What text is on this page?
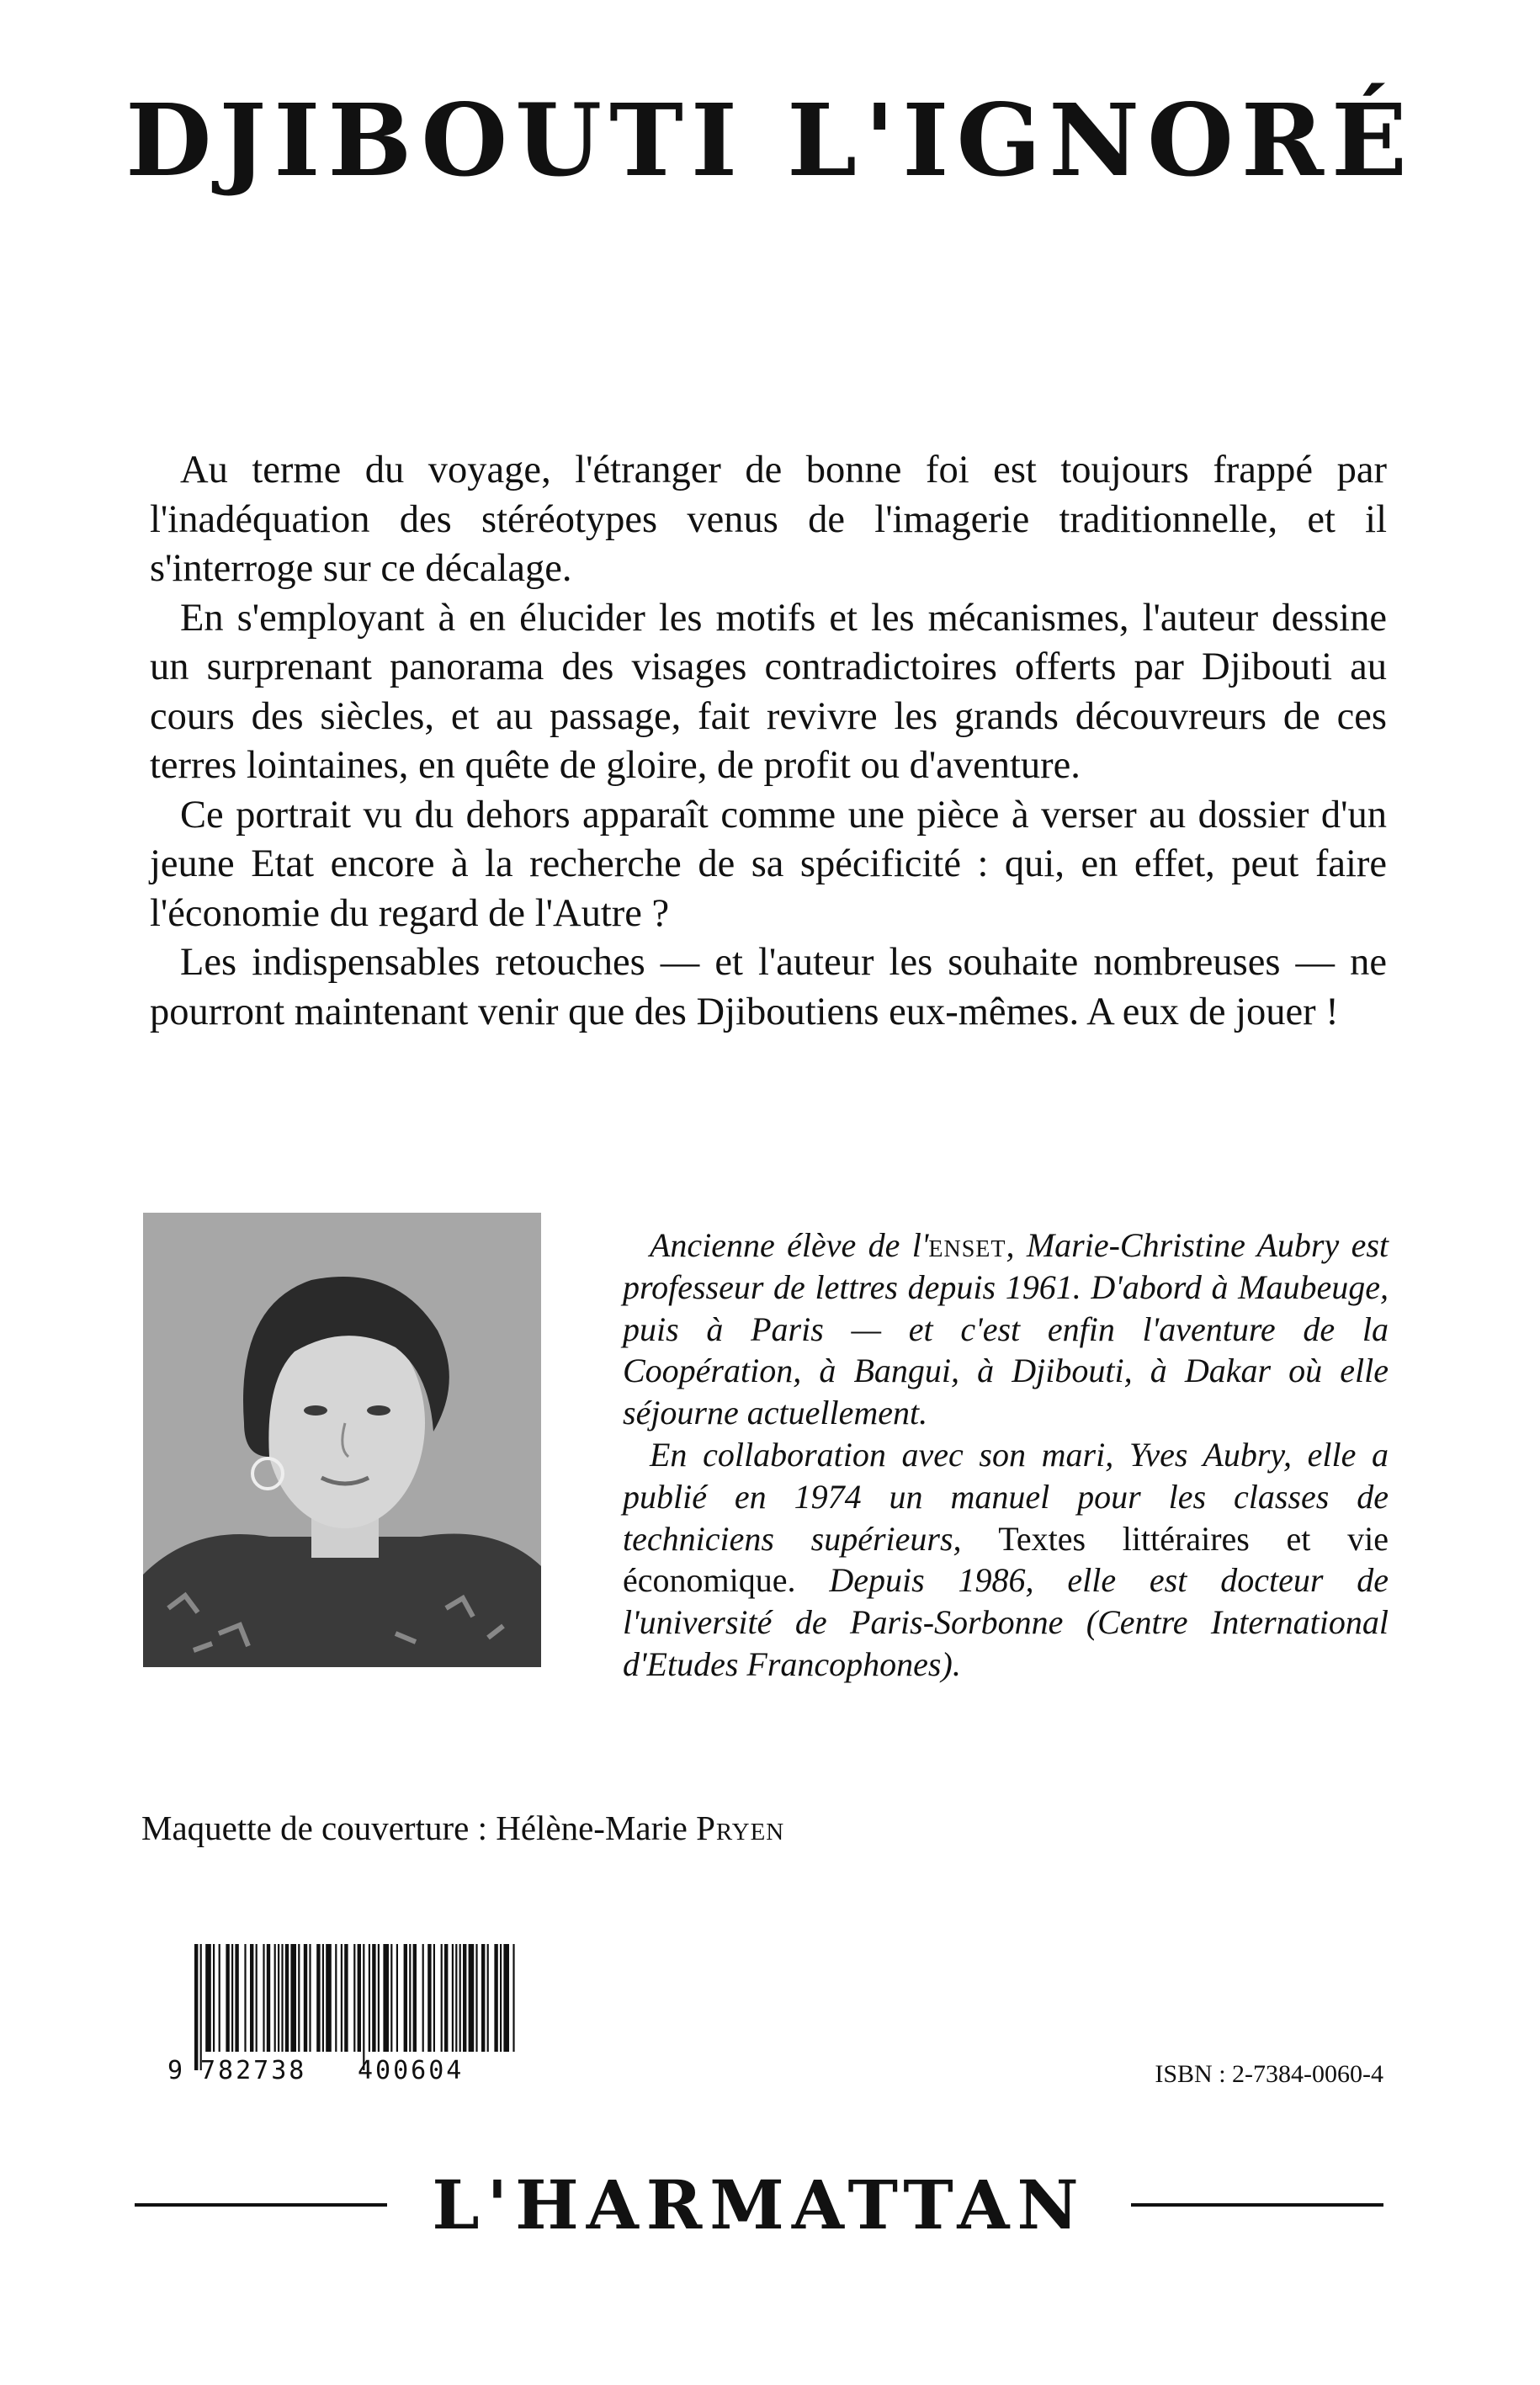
DJIBOUTI L'IGNORÉ

Au terme du voyage, l'étranger de bonne foi est toujours frappé par l'inadéquation des stéréotypes venus de l'imagerie traditionnelle, et il s'interroge sur ce décalage.

En s'employant à en élucider les motifs et les mécanismes, l'auteur dessine un surprenant panorama des visages contradictoires offerts par Djibouti au cours des siècles, et au passage, fait revivre les grands découvreurs de ces terres lointaines, en quête de gloire, de profit ou d'aventure.

Ce portrait vu du dehors apparaît comme une pièce à verser au dossier d'un jeune Etat encore à la recherche de sa spécificité : qui, en effet, peut faire l'économie du regard de l'Autre ?

Les indispensables retouches — et l'auteur les souhaite nombreuses — ne pourront maintenant venir que des Djiboutiens eux-mêmes. A eux de jouer !

Ancienne élève de l'enset, Marie-Christine Aubry est professeur de lettres depuis 1961. D'abord à Maubeuge, puis à Paris — et c'est enfin l'aventure de la Coopération, à Bangui, à Djibouti, à Dakar où elle séjourne actuellement.

En collaboration avec son mari, Yves Aubry, elle a publié en 1974 un manuel pour les classes de techniciens supérieurs, Textes littéraires et vie économique. Depuis 1986, elle est docteur de l'université de Paris-Sorbonne (Centre International d'Etudes Francophones).

Maquette de couverture : Hélène-Marie Pryen
9 782738 400604	ISBN : 2-7384-0060-4
L'HARMATTAN
